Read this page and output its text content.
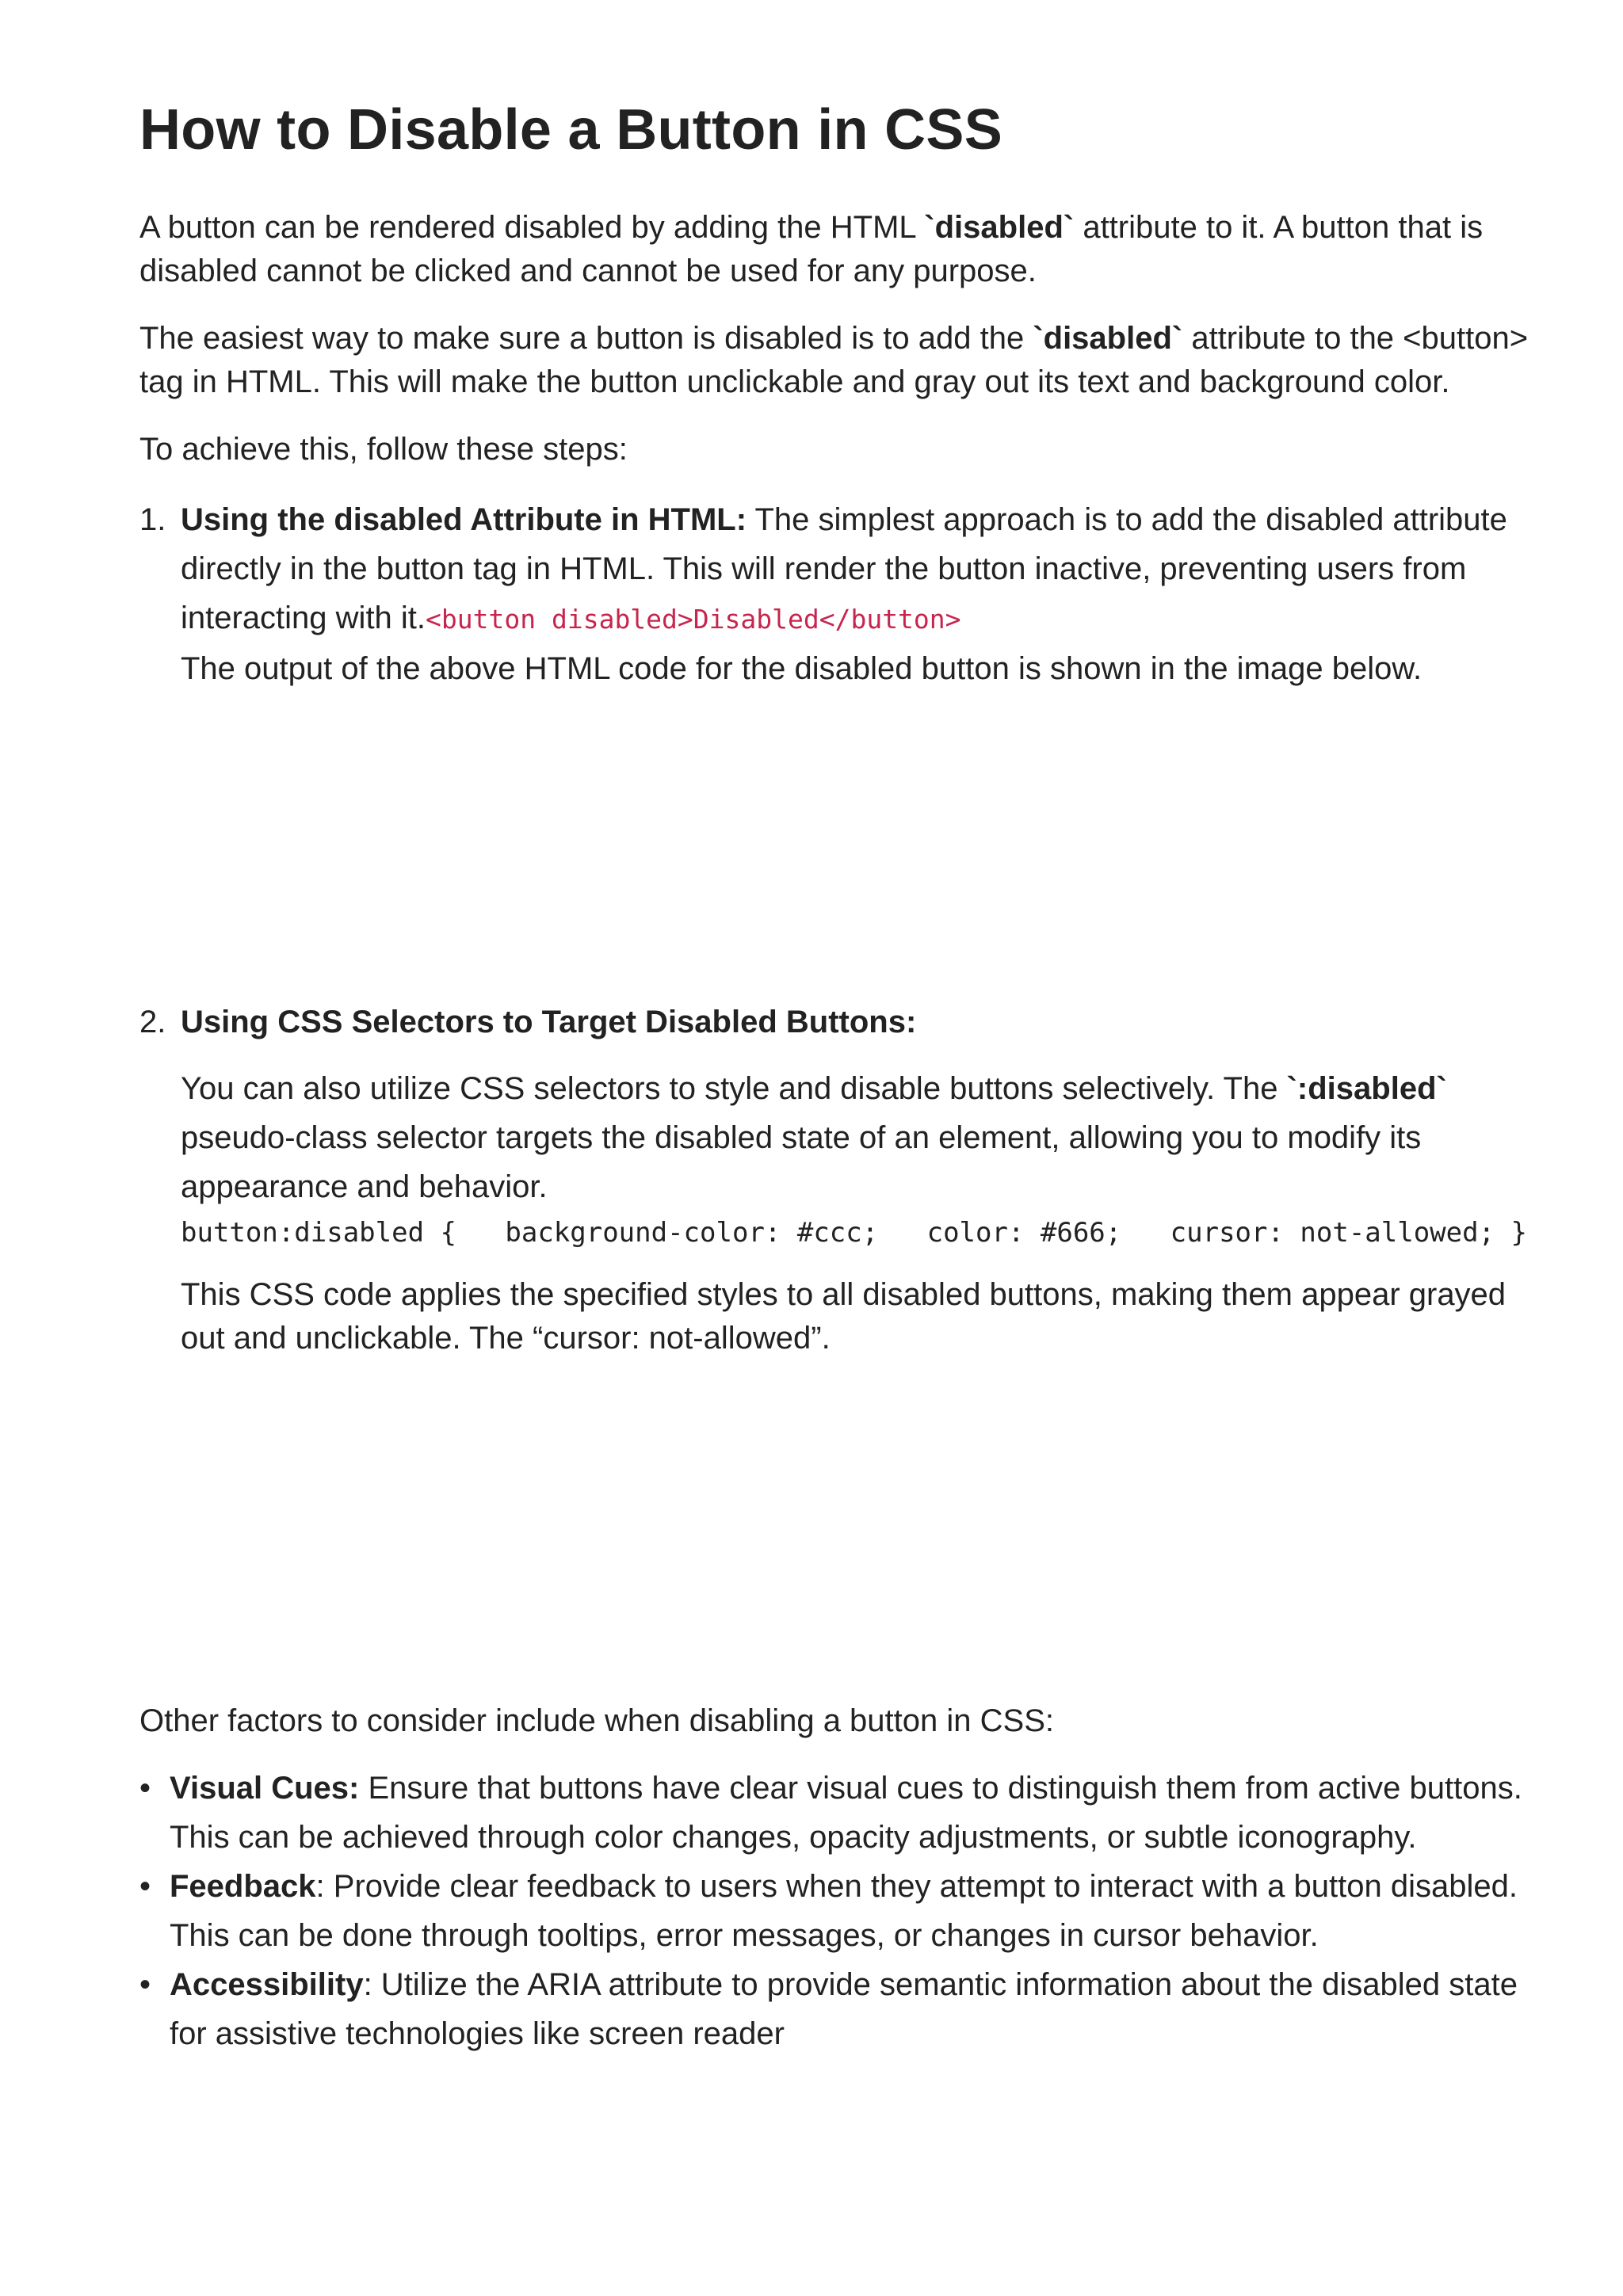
How to Disable a Button in CSS

A button can be rendered disabled by adding the HTML `disabled` attribute to it. A button that is disabled cannot be clicked and cannot be used for any purpose.

The easiest way to make sure a button is disabled is to add the `disabled` attribute to the <button> tag in HTML. This will make the button unclickable and gray out its text and background color.

To achieve this, follow these steps:

1. Using the disabled Attribute in HTML: The simplest approach is to add the disabled attribute directly in the button tag in HTML. This will render the button inactive, preventing users from interacting with it.<button disabled>Disabled</button>
The output of the above HTML code for the disabled button is shown in the image below.
2. Using CSS Selectors to Target Disabled Buttons:

You can also utilize CSS selectors to style and disable buttons selectively. The `:disabled` pseudo-class selector targets the disabled state of an element, allowing you to modify its appearance and behavior.

button:disabled {   background-color: #ccc;   color: #666;   cursor: not-allowed; }

This CSS code applies the specified styles to all disabled buttons, making them appear grayed out and unclickable. The “cursor: not-allowed”.

Other factors to consider include when disabling a button in CSS:

• Visual Cues: Ensure that buttons have clear visual cues to distinguish them from active buttons. This can be achieved through color changes, opacity adjustments, or subtle iconography.
• Feedback: Provide clear feedback to users when they attempt to interact with a button disabled. This can be done through tooltips, error messages, or changes in cursor behavior.
• Accessibility: Utilize the ARIA attribute to provide semantic information about the disabled state for assistive technologies like screen reader
